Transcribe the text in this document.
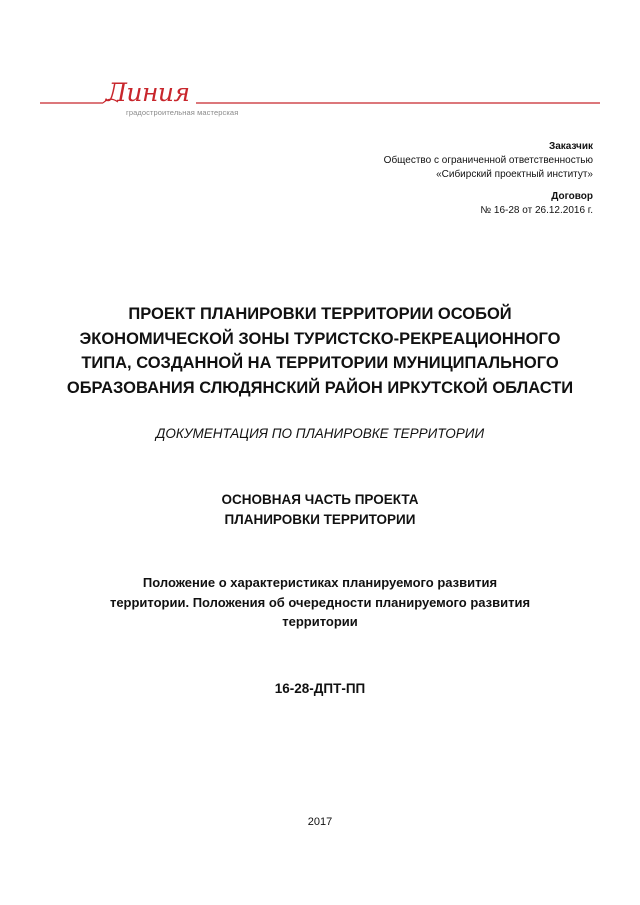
Линия
градостроительная мастерская
Заказчик
Общество с ограниченной ответственностью
«Сибирский проектный институт»
Договор
№ 16-28 от 26.12.2016 г.
ПРОЕКТ ПЛАНИРОВКИ ТЕРРИТОРИИ ОСОБОЙ
ЭКОНОМИЧЕСКОЙ ЗОНЫ ТУРИСТСКО-РЕКРЕАЦИОННОГО
ТИПА, СОЗДАННОЙ НА ТЕРРИТОРИИ МУНИЦИПАЛЬНОГО
ОБРАЗОВАНИЯ СЛЮДЯНСКИЙ РАЙОН ИРКУТСКОЙ ОБЛАСТИ
ДОКУМЕНТАЦИЯ ПО ПЛАНИРОВКЕ ТЕРРИТОРИИ
ОСНОВНАЯ ЧАСТЬ ПРОЕКТА
ПЛАНИРОВКИ ТЕРРИТОРИИ
Положение о характеристиках планируемого развития
территории. Положения об очередности планируемого развития
территории
16-28-ДПТ-ПП
2017
